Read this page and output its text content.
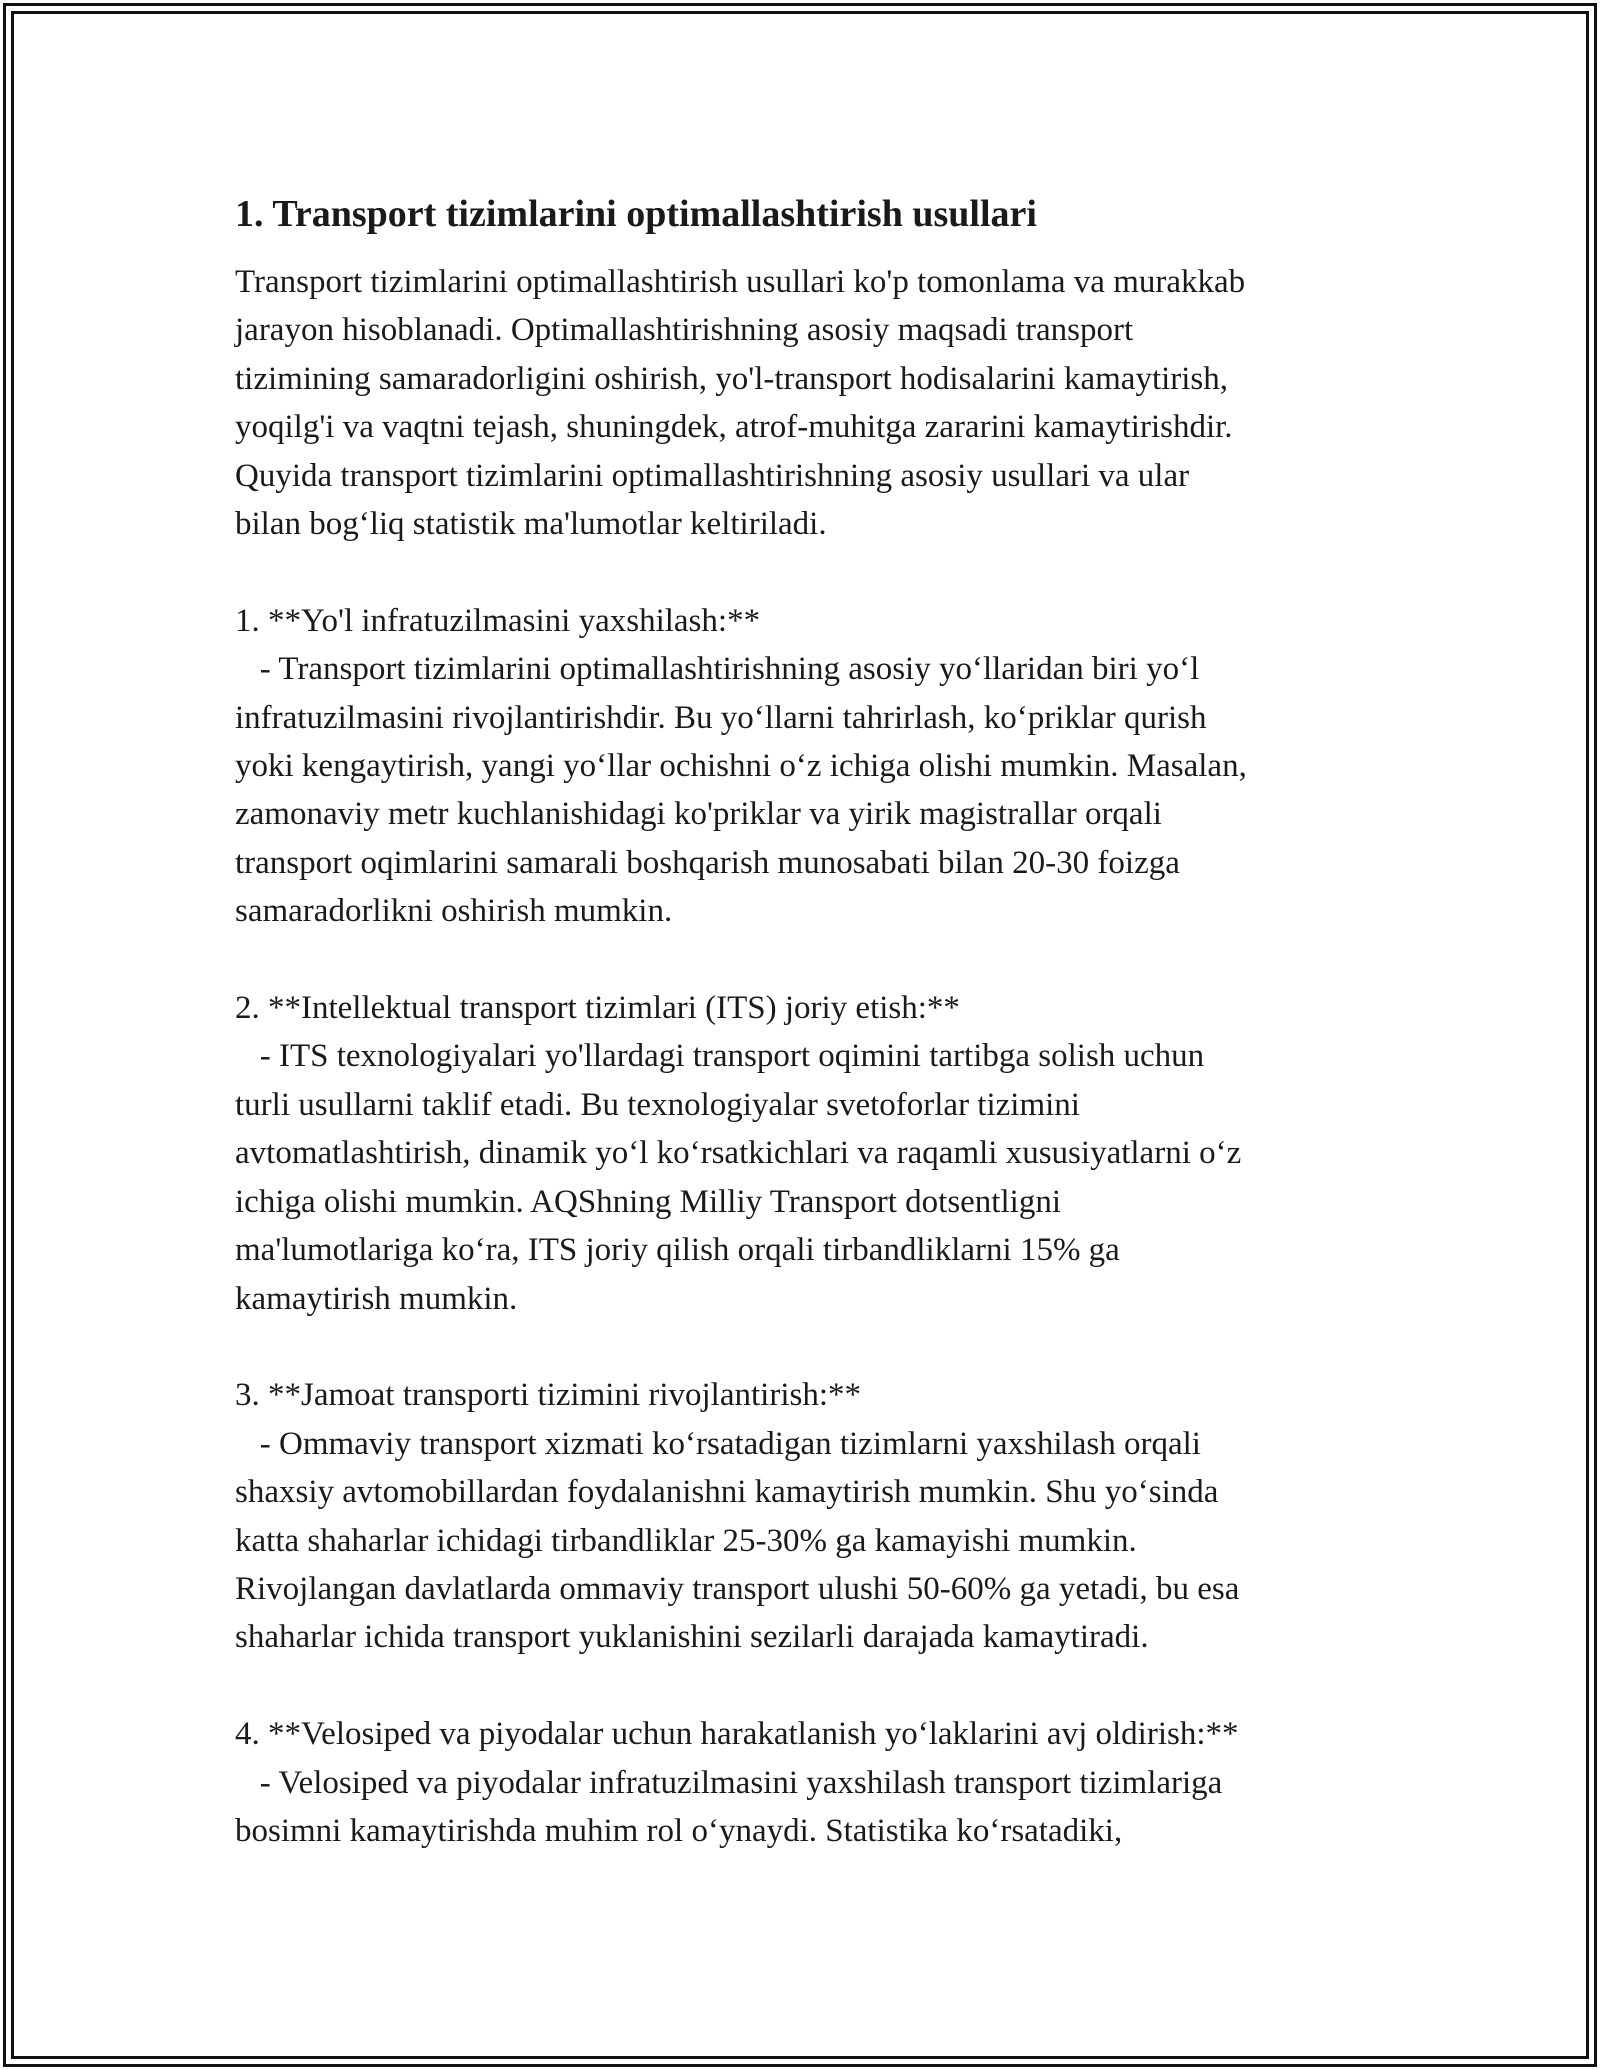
1. Transport tizimlarini optimallashtirish usullari

Transport tizimlarini optimallashtirish usullari ko'p tomonlama va murakkab

jarayon hisoblanadi. Optimallashtirishning asosiy maqsadi transport

tizimining samaradorligini oshirish, yo'l-transport hodisalarini kamaytirish,

yoqilg'i va vaqtni tejash, shuningdek, atrof-muhitga zararini kamaytirishdir.

Quyida transport tizimlarini optimallashtirishning asosiy usullari va ular

bilan bog‘liq statistik ma'lumotlar keltiriladi.

1. **Yo'l infratuzilmasini yaxshilash:**

- Transport tizimlarini optimallashtirishning asosiy yo‘llaridan biri yo‘l

infratuzilmasini rivojlantirishdir. Bu yo‘llarni tahrirlash, ko‘priklar qurish

yoki kengaytirish, yangi yo‘llar ochishni o‘z ichiga olishi mumkin. Masalan,

zamonaviy metr kuchlanishidagi ko'priklar va yirik magistrallar orqali

transport oqimlarini samarali boshqarish munosabati bilan 20-30 foizga

samaradorlikni oshirish mumkin.

2. **Intellektual transport tizimlari (ITS) joriy etish:**

- ITS texnologiyalari yo'llardagi transport oqimini tartibga solish uchun

turli usullarni taklif etadi. Bu texnologiyalar svetoforlar tizimini

avtomatlashtirish, dinamik yo‘l ko‘rsatkichlari va raqamli xususiyatlarni o‘z

ichiga olishi mumkin. AQShning Milliy Transport dotsentligni

ma'lumotlariga ko‘ra, ITS joriy qilish orqali tirbandliklarni 15% ga

kamaytirish mumkin.

3. **Jamoat transporti tizimini rivojlantirish:**

- Ommaviy transport xizmati ko‘rsatadigan tizimlarni yaxshilash orqali

shaxsiy avtomobillardan foydalanishni kamaytirish mumkin. Shu yo‘sinda

katta shaharlar ichidagi tirbandliklar 25-30% ga kamayishi mumkin.

Rivojlangan davlatlarda ommaviy transport ulushi 50-60% ga yetadi, bu esa

shaharlar ichida transport yuklanishini sezilarli darajada kamaytiradi.

4. **Velosiped va piyodalar uchun harakatlanish yo‘laklarini avj oldirish:**

- Velosiped va piyodalar infratuzilmasini yaxshilash transport tizimlariga

bosimni kamaytirishda muhim rol o‘ynaydi. Statistika ko‘rsatadiki,
